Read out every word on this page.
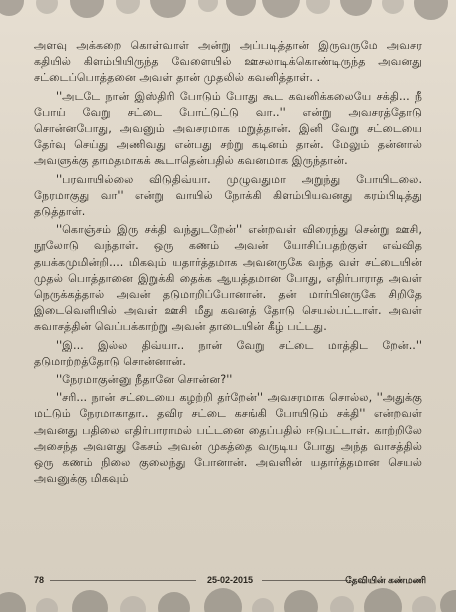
அளவு அக்கறை கொள்வாள் அன்று அப்படித்தான் இருவருமே அவசர கதியில் கிளம்பியிருந்த வேளையில் ஊசலாடிக்கொண்டிருந்த அவனது சட்டைப்பொத்தனை அவள் தான் முதலில் கவனித்தாள். .

''அடடே நான் இஸ்திரி போடும் போது கூட கவனிக்கலையே சக்தி... நீ போய் வேறு சட்டை போட்டுட்டு வா..'' என்று அவசரத்தோடு சொன்னபோது, அவனும் அவசரமாக மறுத்தான். இனி வேறு சட்டையை தேர்வு செய்து அணிவது என்பது சற்று கடினம் தான். மேலும் தன்னால் அவளுக்கு தாமதமாகக் கூடாதென்பதில் கவனமாக இருந்தான்.

''பரவாயில்லை விடுதிவ்யா. முழுவதுமா அறுந்து போயிடலை. நேரமாகுது வா'' என்று வாயில் நோக்கி கிளம்பியவனது கரம்பிடித்து தடுத்தாள்.

''கொஞ்சம் இரு சக்தி வந்துடறேன்'' என்றவள் விரைந்து சென்று ஊசி, நூலோடு வந்தாள். ஒரு கணம் அவன் யோசிப்பதற்குள் எவ்வித தயக்கமுமின்றி.... மிகவும் யதார்த்தமாக அவனருகே வந்த வள் சட்டையின் முதல் பொத்தானை இறுக்கி தைக்க ஆயத்தமான போது, எதிர்பாராத அவள் நெருக்கத்தால் அவன் தடுமாறிப்போனான். தன் மார்பினருகே சிறிதே இடைவெளியில் அவள் ஊசி மீது கவனத் தோடு செயல்பட்டாள். அவள் சுவாசத்தின் வெப்பக்காற்று அவன் தாடையின் கீழ் பட்டது.

''இ... இல்ல திவ்யா.. நான் வேறு சட்டை மாத்திட றேன்..'' தடுமாற்றத்தோடு சொன்னான்.

''நேரமாகுன்னு நீதானே சொன்ன?''

''சரி... நான் சட்டையை கழற்றி தர்றேன்'' அவசரமாக சொல்ல, ''அதுக்கு மட்டும் நேரமாகாதா.. தவிர சட்டை கசங்கி போயிடும் சக்தி'' என்றவள் அவனது பதிலை எதிர்பாராமல் பட்டனை தைப்பதில் ஈடுபட்டாள். காற்றிலே அசைந்த அவளது கேசம் அவன் முகத்தை வருடிய போது அந்த வாசத்தில் ஒரு கணம் நிலை குலைந்து போனான். அவளின் யதார்த்தமான செயல் அவனுக்கு மிகவும்

78	25-02-2015	தேவியின் கண்மணி
